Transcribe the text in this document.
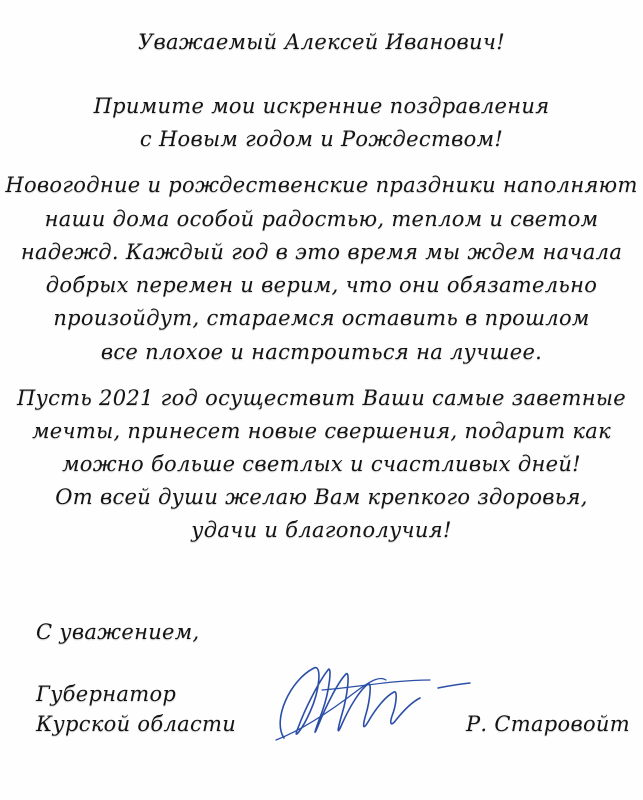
Уважаемый Алексей Иванович!
Примите мои искренние поздравления
с Новым годом и Рождеством!
Новогодние и рождественские праздники наполняют
наши дома особой радостью, теплом и светом
надежд. Каждый год в это время мы ждем начала
добрых перемен и верим, что они обязательно
произойдут, стараемся оставить в прошлом
все плохое и настроиться на лучшее.
Пусть 2021 год осуществит Ваши самые заветные
мечты, принесет новые свершения, подарит как
можно больше светлых и счастливых дней!
От всей души желаю Вам крепкого здоровья,
удачи и благополучия!
С уважением,
Губернатор
Курской области	Р. Старовойт
